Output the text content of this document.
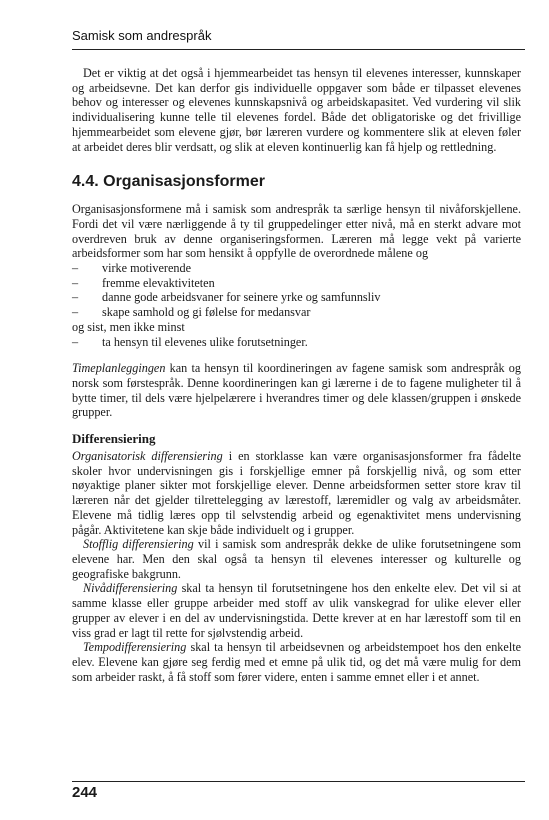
Samisk som andrespråk

Det er viktig at det også i hjemmearbeidet tas hensyn til elevenes interesser, kunnskaper og arbeidsevne. Det kan derfor gis individuelle oppgaver som både er tilpasset elevenes behov og interesser og elevenes kunnskapsnivå og arbeidskapasitet. Ved vurdering vil slik individualisering kunne telle til elevenes fordel. Både det obligatoriske og det frivillige hjemmearbeidet som elevene gjør, bør læreren vurdere og kommentere slik at eleven føler at arbeidet deres blir verdsatt, og slik at eleven kontinuerlig kan få hjelp og rettledning.

4.4. Organisasjonsformer

Organisasjonsformene må i samisk som andrespråk ta særlige hensyn til nivåforskjellene. Fordi det vil være nærliggende å ty til gruppedelinger etter nivå, må en sterkt advare mot overdreven bruk av denne organiseringsformen. Læreren må legge vekt på varierte arbeidsformer som har som hensikt å oppfylle de overordnede målene og

– virke motiverende
– fremme elevaktiviteten
– danne gode arbeidsvaner for seinere yrke og samfunnsliv
– skape samhold og gi følelse for medansvar

og sist, men ikke minst

– ta hensyn til elevenes ulike forutsetninger.

Timeplanleggingen kan ta hensyn til koordineringen av fagene samisk som andrespråk og norsk som førstespråk. Denne koordineringen kan gi lærerne i de to fagene muligheter til å bytte timer, til dels være hjelpelærere i hverandres timer og dele klassen/gruppen i ønskede grupper.

Differensiering

Organisatorisk differensiering i en storklasse kan være organisasjonsformer fra fådelte skoler hvor undervisningen gis i forskjellige emner på forskjellig nivå, og som etter nøyaktige planer sikter mot forskjellige elever. Denne arbeidsformen setter store krav til læreren når det gjelder tilrettelegging av lærestoff, læremidler og valg av arbeidsmåter. Elevene må tidlig læres opp til selvstendig arbeid og egenaktivitet mens undervisning pågår. Aktivitetene kan skje både individuelt og i grupper.

Stofflig differensiering vil i samisk som andrespråk dekke de ulike forutsetningene som elevene har. Men den skal også ta hensyn til elevenes interesser og kulturelle og geografiske bakgrunn.

Nivådifferensiering skal ta hensyn til forutsetningene hos den enkelte elev. Det vil si at samme klasse eller gruppe arbeider med stoff av ulik vanskegrad for ulike elever eller grupper av elever i en del av undervisningstida. Dette krever at en har lærestoff som til en viss grad er lagt til rette for sjølvstendig arbeid.

Tempodifferensiering skal ta hensyn til arbeidsevnen og arbeidstempoet hos den enkelte elev. Elevene kan gjøre seg ferdig med et emne på ulik tid, og det må være mulig for dem som arbeider raskt, å få stoff som fører videre, enten i samme emnet eller i et annet.

244
